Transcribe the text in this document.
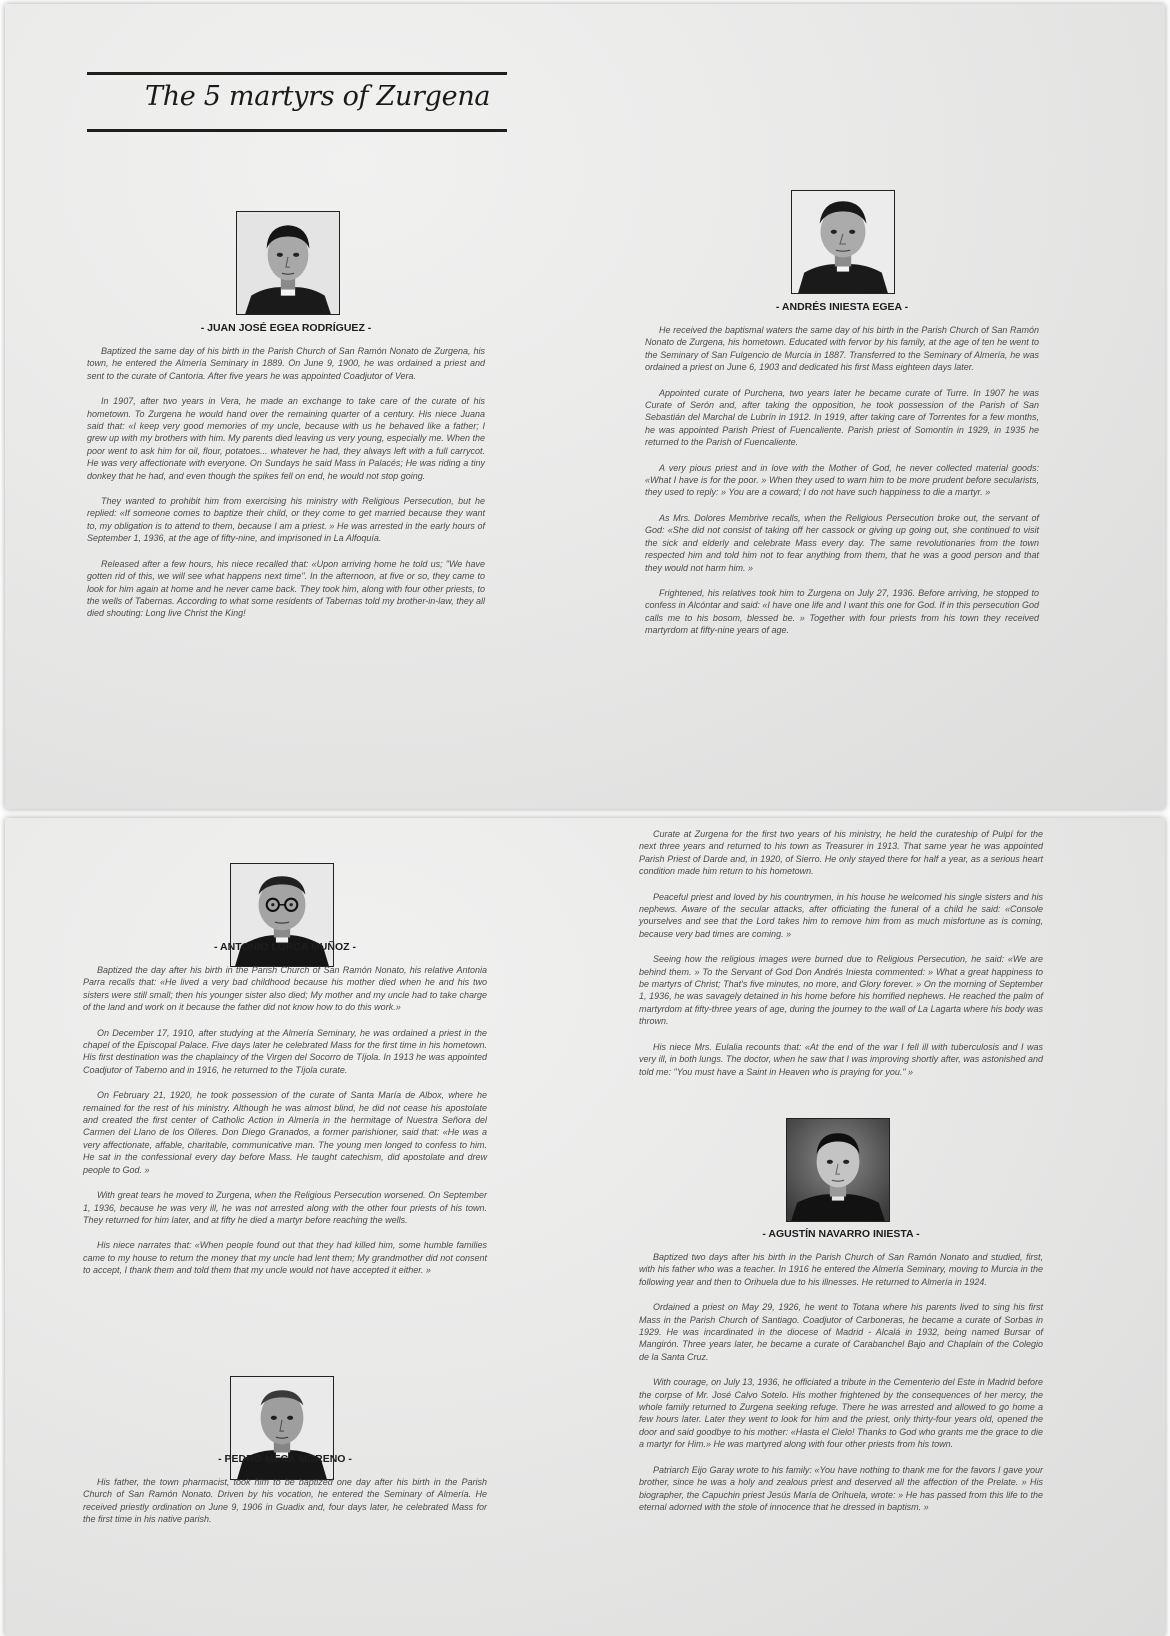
The 5 martyrs of Zurgena

- JUAN JOSÉ EGEA RODRÍGUEZ -

Baptized the same day of his birth in the Parish Church of San Ramón Nonato de Zurgena, his town, he entered the Almería Seminary in 1889. On June 9, 1900, he was ordained a priest and sent to the curate of Cantoria. After five years he was appointed Coadjutor of Vera.

In 1907, after two years in Vera, he made an exchange to take care of the curate of his hometown. To Zurgena he would hand over the remaining quarter of a century. His niece Juana said that: «I keep very good memories of my uncle, because with us he behaved like a father; I grew up with my brothers with him. My parents died leaving us very young, especially me. When the poor went to ask him for oil, flour, potatoes... whatever he had, they always left with a full carrycot. He was very affectionate with everyone. On Sundays he said Mass in Palacés; He was riding a tiny donkey that he had, and even though the spikes fell on end, he would not stop going.

They wanted to prohibit him from exercising his ministry with Religious Persecution, but he replied: «If someone comes to baptize their child, or they come to get married because they want to, my obligation is to attend to them, because I am a priest. » He was arrested in the early hours of September 1, 1936, at the age of fifty-nine, and imprisoned in La Alfoquía.

Released after a few hours, his niece recalled that: «Upon arriving home he told us; "We have gotten rid of this, we will see what happens next time". In the afternoon, at five or so, they came to look for him again at home and he never came back. They took him, along with four other priests, to the wells of Tabernas. According to what some residents of Tabernas told my brother-in-law, they all died shouting: Long live Christ the King!

- ANDRÉS INIESTA EGEA -

He received the baptismal waters the same day of his birth in the Parish Church of San Ramón Nonato de Zurgena, his hometown. Educated with fervor by his family, at the age of ten he went to the Seminary of San Fulgencio de Murcia in 1887. Transferred to the Seminary of Almería, he was ordained a priest on June 6, 1903 and dedicated his first Mass eighteen days later.

Appointed curate of Purchena, two years later he became curate of Turre. In 1907 he was Curate of Serón and, after taking the opposition, he took possession of the Parish of San Sebastián del Marchal de Lubrín in 1912. In 1919, after taking care of Torrentes for a few months, he was appointed Parish Priest of Fuencaliente. Parish priest of Somontín in 1929, in 1935 he returned to the Parish of Fuencaliente.

A very pious priest and in love with the Mother of God, he never collected material goods: «What I have is for the poor. » When they used to warn him to be more prudent before secularists, they used to reply: » You are a coward; I do not have such happiness to die a martyr. »

As Mrs. Dolores Membrive recalls, when the Religious Persecution broke out, the servant of God: «She did not consist of taking off her cassock or giving up going out, she continued to visit the sick and elderly and celebrate Mass every day. The same revolutionaries from the town respected him and told him not to fear anything from them, that he was a good person and that they would not harm him. »

Frightened, his relatives took him to Zurgena on July 27, 1936. Before arriving, he stopped to confess in Alcóntar and said: «I have one life and I want this one for God. If in this persecution God calls me to his bosom, blessed be. » Together with four priests from his town they received martyrdom at fifty-nine years of age.

- ANTONIO LORCA MUÑOZ -

Baptized the day after his birth in the Parish Church of San Ramón Nonato, his relative Antonia Parra recalls that: «He lived a very bad childhood because his mother died when he and his two sisters were still small; then his younger sister also died; My mother and my uncle had to take charge of the land and work on it because the father did not know how to do this work.»

On December 17, 1910, after studying at the Almería Seminary, he was ordained a priest in the chapel of the Episcopal Palace. Five days later he celebrated Mass for the first time in his hometown. His first destination was the chaplaincy of the Virgen del Socorro de Tíjola. In 1913 he was appointed Coadjutor of Taberno and in 1916, he returned to the Tíjola curate.

On February 21, 1920, he took possession of the curate of Santa María de Albox, where he remained for the rest of his ministry. Although he was almost blind, he did not cease his apostolate and created the first center of Catholic Action in Almería in the hermitage of Nuestra Señora del Carmen del Llano de los Olleres. Don Diego Granados, a former parishioner, said that: «He was a very affectionate, affable, charitable, communicative man. The young men longed to confess to him. He sat in the confessional every day before Mass. He taught catechism, did apostolate and drew people to God. »

With great tears he moved to Zurgena, when the Religious Persecution worsened. On September 1, 1936, because he was very ill, he was not arrested along with the other four priests of his town. They returned for him later, and at fifty he died a martyr before reaching the wells.

His niece narrates that: «When people found out that they had killed him, some humble families came to my house to return the money that my uncle had lent them; My grandmother did not consent to accept, I thank them and told them that my uncle would not have accepted it either. »

- PEDRO MECA MORENO -

His father, the town pharmacist, took him to be baptized one day after his birth in the Parish Church of San Ramón Nonato. Driven by his vocation, he entered the Seminary of Almería. He received priestly ordination on June 9, 1906 in Guadix and, four days later, he celebrated Mass for the first time in his native parish.

Curate at Zurgena for the first two years of his ministry, he held the curateship of Pulpí for the next three years and returned to his town as Treasurer in 1913. That same year he was appointed Parish Priest of Darde and, in 1920, of Sierro. He only stayed there for half a year, as a serious heart condition made him return to his hometown.

Peaceful priest and loved by his countrymen, in his house he welcomed his single sisters and his nephews. Aware of the secular attacks, after officiating the funeral of a child he said: «Console yourselves and see that the Lord takes him to remove him from as much misfortune as is coming, because very bad times are coming. »

Seeing how the religious images were burned due to Religious Persecution, he said: «We are behind them. » To the Servant of God Don Andrés Iniesta commented: » What a great happiness to be martyrs of Christ; That's five minutes, no more, and Glory forever. » On the morning of September 1, 1936, he was savagely detained in his home before his horrified nephews. He reached the palm of martyrdom at fifty-three years of age, during the journey to the wall of La Lagarta where his body was thrown.

His niece Mrs. Eulalia recounts that: «At the end of the war I fell ill with tuberculosis and I was very ill, in both lungs. The doctor, when he saw that I was improving shortly after, was astonished and told me: "You must have a Saint in Heaven who is praying for you." »

- AGUSTÍN NAVARRO INIESTA -

Baptized two days after his birth in the Parish Church of San Ramón Nonato and studied, first, with his father who was a teacher. In 1916 he entered the Almería Seminary, moving to Murcia in the following year and then to Orihuela due to his illnesses. He returned to Almería in 1924.

Ordained a priest on May 29, 1926, he went to Totana where his parents lived to sing his first Mass in the Parish Church of Santiago. Coadjutor of Carboneras, he became a curate of Sorbas in 1929. He was incardinated in the diocese of Madrid - Alcalá in 1932, being named Bursar of Mangirón. Three years later, he became a curate of Carabanchel Bajo and Chaplain of the Colegio de la Santa Cruz.

With courage, on July 13, 1936, he officiated a tribute in the Cementerio del Este in Madrid before the corpse of Mr. José Calvo Sotelo. His mother frightened by the consequences of her mercy, the whole family returned to Zurgena seeking refuge. There he was arrested and allowed to go home a few hours later. Later they went to look for him and the priest, only thirty-four years old, opened the door and said goodbye to his mother: «Hasta el Cielo! Thanks to God who grants me the grace to die a martyr for Him.» He was martyred along with four other priests from his town.

Patriarch Eijo Garay wrote to his family: «You have nothing to thank me for the favors I gave your brother, since he was a holy and zealous priest and deserved all the affection of the Prelate. » His biographer, the Capuchin priest Jesús María de Orihuela, wrote: » He has passed from this life to the eternal adorned with the stole of innocence that he dressed in baptism. »
